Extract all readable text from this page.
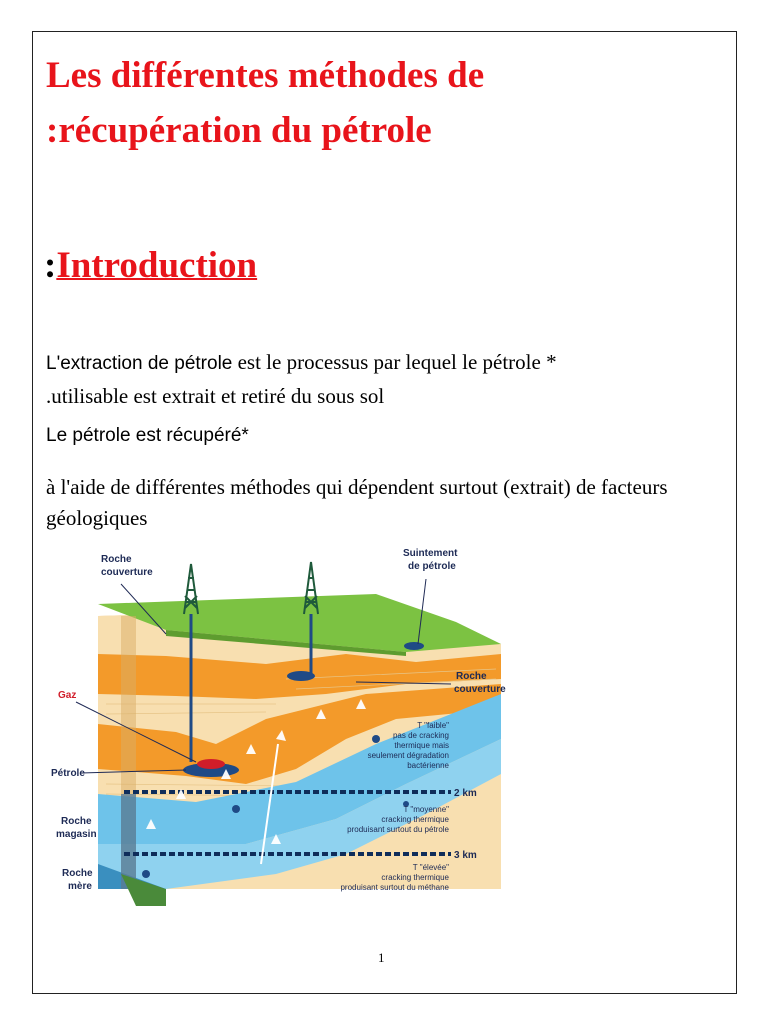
Les différentes méthodes de
:récupération du pétrole
:Introduction
L'extraction de pétrole est le processus par lequel le pétrole *
.utilisable est extrait et retiré du sous sol
Le pétrole est récupéré*
à l'aide de différentes méthodes qui dépendent surtout (extrait) de facteurs géologiques
Roche
couverture
Suintement
de pétrole
Roche
couverture
Gaz
Pétrole
Roche
magasin
Roche
mère
2 km
3 km
T "faible"
pas de cracking
thermique mais
seulement dégradation
bactérienne
T "moyenne"
cracking thermique
produisant surtout du pétrole
T "élevée"
cracking thermique
produisant surtout du méthane
1
